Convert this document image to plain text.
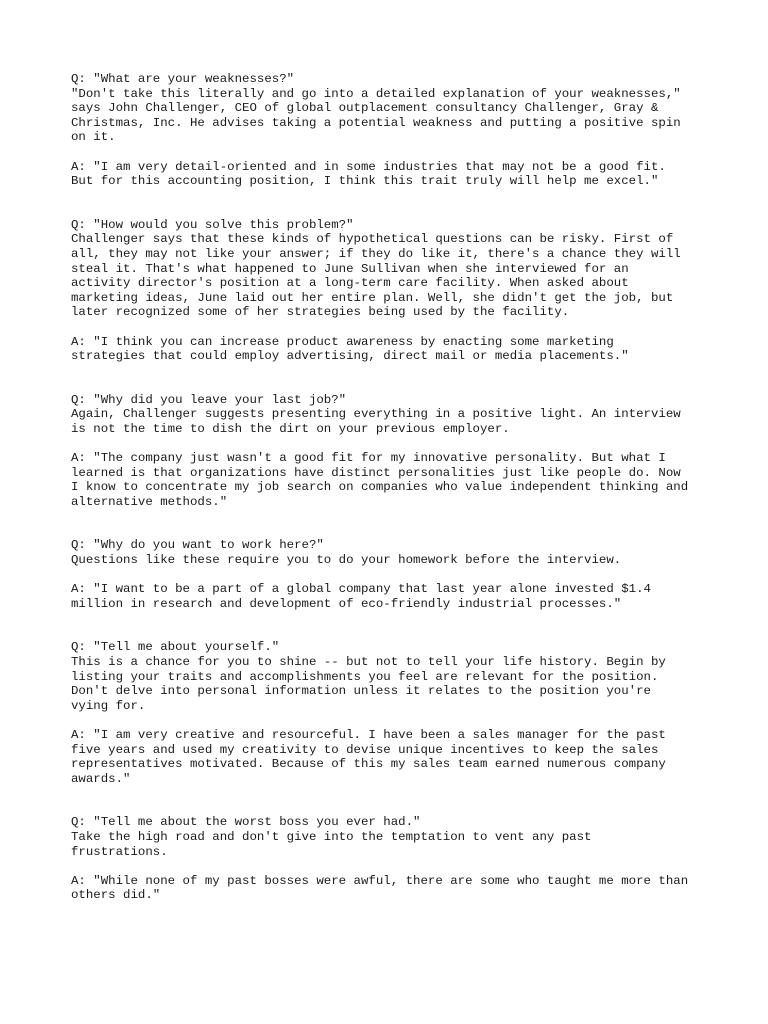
Q: "What are your weaknesses?"

"Don't take this literally and go into a detailed explanation of your weaknesses,"

says John Challenger, CEO of global outplacement consultancy Challenger, Gray &

Christmas, Inc. He advises taking a potential weakness and putting a positive spin

on it.

A: "I am very detail-oriented and in some industries that may not be a good fit.

But for this accounting position, I think this trait truly will help me excel."

Q: "How would you solve this problem?"

Challenger says that these kinds of hypothetical questions can be risky. First of

all, they may not like your answer; if they do like it, there's a chance they will

steal it. That's what happened to June Sullivan when she interviewed for an

activity director's position at a long-term care facility. When asked about

marketing ideas, June laid out her entire plan. Well, she didn't get the job, but

later recognized some of her strategies being used by the facility.

A: "I think you can increase product awareness by enacting some marketing

strategies that could employ advertising, direct mail or media placements."

Q: "Why did you leave your last job?"

Again, Challenger suggests presenting everything in a positive light. An interview

is not the time to dish the dirt on your previous employer.

A: "The company just wasn't a good fit for my innovative personality. But what I

learned is that organizations have distinct personalities just like people do. Now

I know to concentrate my job search on companies who value independent thinking and

alternative methods."

Q: "Why do you want to work here?"

Questions like these require you to do your homework before the interview.

A: "I want to be a part of a global company that last year alone invested $1.4

million in research and development of eco-friendly industrial processes."

Q: "Tell me about yourself."

This is a chance for you to shine -- but not to tell your life history. Begin by

listing your traits and accomplishments you feel are relevant for the position.

Don't delve into personal information unless it relates to the position you're

vying for.

A: "I am very creative and resourceful. I have been a sales manager for the past

five years and used my creativity to devise unique incentives to keep the sales

representatives motivated. Because of this my sales team earned numerous company

awards."

Q: "Tell me about the worst boss you ever had."

Take the high road and don't give into the temptation to vent any past

frustrations.

A: "While none of my past bosses were awful, there are some who taught me more than

others did."
